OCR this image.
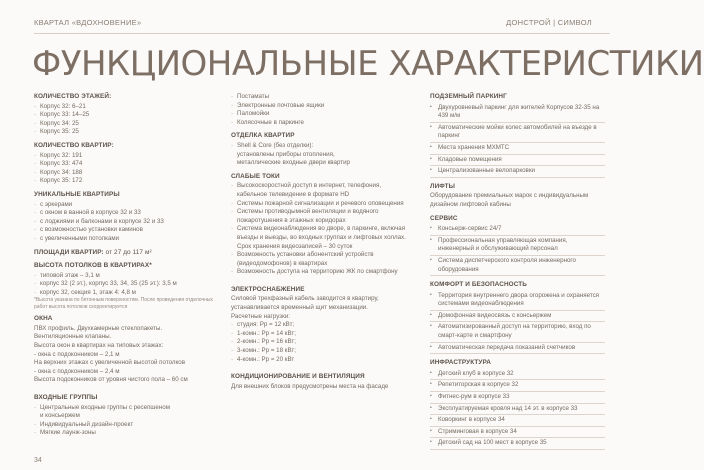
КВАРТАЛ «ВДОХНОВЕНИЕ»	ДОНСТРОЙ | СИМВОЛ
ФУНКЦИОНАЛЬНЫЕ ХАРАКТЕРИСТИКИ
КОЛИЧЕСТВО ЭТАЖЕЙ:
· Корпус 32: 6–21
· Корпус 33: 14–25
· Корпус 34: 25
· Корпус 35: 25
КОЛИЧЕСТВО КВАРТИР:
· Корпус 32: 191
· Корпус 33: 474
· Корпус 34: 188
· Корпус 35: 172
УНИКАЛЬНЫЕ КВАРТИРЫ
· с эркерами
· с окном в ванной в корпусе 32 и 33
· с лоджиями и балконами в корпусе 32 и 33
· с возможностью установки каминов
· с увеличенными потолками
ПЛОЩАДИ КВАРТИР: от 27 до 117 м²
ВЫСОТА ПОТОЛКОВ В КВАРТИРАХ*
· типовой этаж – 3,1 м
· корпус 32 (2 эт.), корпус 33, 34, 35 (25 эт.): 3,5 м
· корпус 32, секция 1, этаж 4: 4,8 м
*Высота указана по бетонным поверхностям. После проведения отделочных работ высота потолков скорректируется
ОКНА
ПВХ профиль. Двухкамерные стеклопакеты.
Вентиляционные клапаны.
Высота окон в квартирах на типовых этажах:
- окна с подоконником – 2,1 м
На верхних этажах с увеличенной высотой потолков
- окна с подоконником – 2,4 м
Высота подоконников от уровня чистого пола – 60 см
ВХОДНЫЕ ГРУППЫ
· Центральные входные группы с ресепшеном
и консьержем
· Индивидуальный дизайн-проект
· Мягкие лаунж-зоны
· Постаматы
· Электронные почтовые ящики
· Паломойки
· Колясочные в паркинге
ОТДЕЛКА КВАРТИР
· Shell & Core (без отделки):
установлены приборы отопления,
металлические входные двери квартир
СЛАБЫЕ ТОКИ
· Высокоскоростной доступ в интернет, телефония, кабельное телевидение в формате HD
· Системы пожарной сигнализации и речевого оповещения
· Системы противодымной вентиляции и водяного пожаротушения в этажных коридорах
· Система видеонаблюдения во дворе, в паркинге, включая въезды и выезды, во входных группах и лифтовых холлах. Срок хранения видеозаписей – 30 суток
· Возможность установки абонентский устройств (видеодомофонов) в квартирах
· Возможность доступа на территорию ЖК по смартфону
ЭЛЕКТРОСНАБЖЕНИЕ
Силовой трехфазный кабель заводится в квартиру, устанавливается временный щит механизации.
Расчетные нагрузки:
· студия: Рр = 12 кВт;
· 1-комн.: Рр = 14 кВт;
· 2-комн.: Рр = 16 кВт;
· 3-комн.: Рр = 18 кВт;
· 4-комн.: Рр = 20 кВт
КОНДИЦИОНИРОВАНИЕ И ВЕНТИЛЯЦИЯ
Для внешних блоков предусмотрены места на фасаде
ПОДЗЕМНЫЙ ПАРКИНГ
• Двухуровневый паркинг для жителей Корпусов 32-35 на 439 м/м
• Автоматические мойки колес автомобилей на въезде в паркинг
• Места хранения МХМТС
• Кладовые помещения
• Централизованные велопарковки
ЛИФТЫ
Оборудование премиальных марок с индивидуальным дизайном лифтовой кабины
СЕРВИС
• Консьерж-сервис 24/7
• Профессиональная управляющая компания, инженерный и обслуживающий персонал
• Система диспетчерского контроля инженерного оборудования
КОМФОРТ И БЕЗОПАСНОСТЬ
• Территория внутреннего двора огорожена и охраняется системами видеонаблюдения
• Домофонная видеосвязь с консьержем
• Автоматизированный доступ на территорию, вход по смарт-карте и смартфону
• Автоматическая передача показаний счетчиков
ИНФРАСТРУКТУРА
• Детский клуб в корпусе 32
• Репетиторская в корпусе 32
• Фитнес-рум в корпусе 33
• Эксплуатируемая кровля над 14 эт. в корпусе 33
• Коворкинг в корпусе 34
• Стриминговая в корпусе 34
• Детский сад на 100 мест в корпусе 35
34
